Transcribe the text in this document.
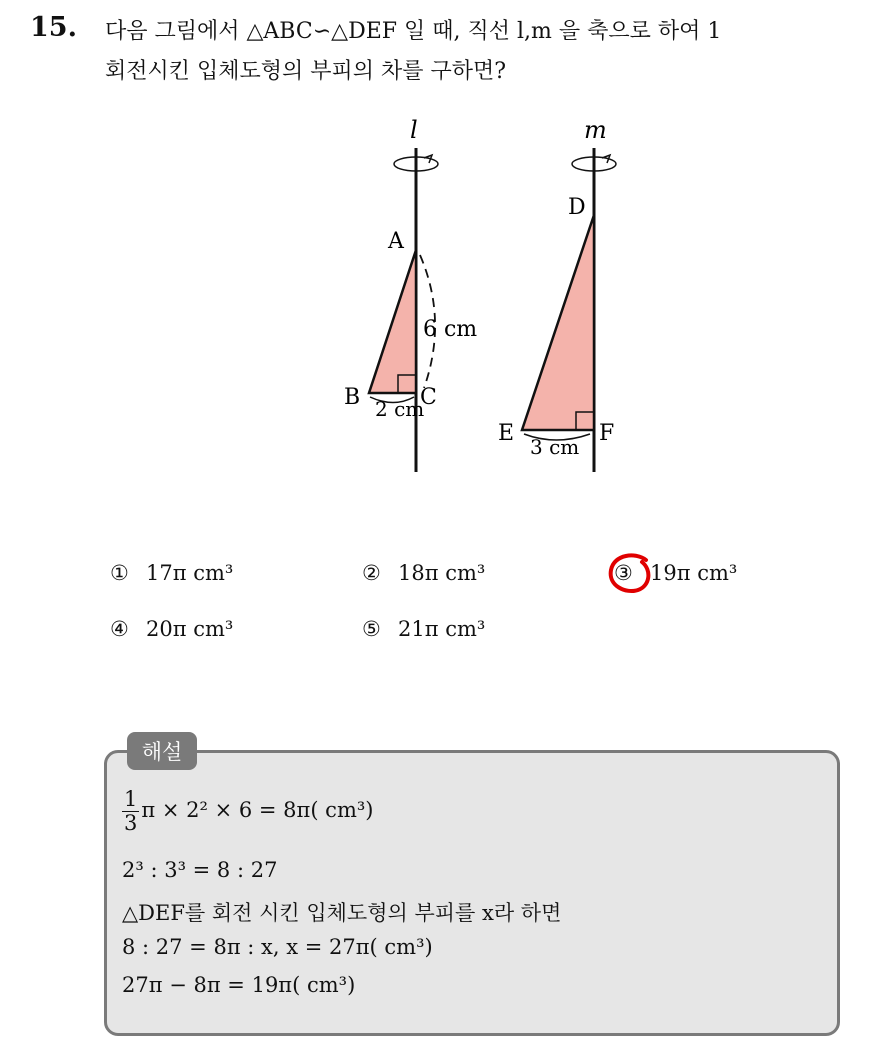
15. 다음 그림에서 △ABC∽△DEF 일 때, 직선 l,m 을 축으로 하여 1
회전시킨 입체도형의 부피의 차를 구하면?
l
A
B	C
6 cm
2 cm
m
D
E	F
3 cm
① 17π cm³	② 18π cm³	③ 19π cm³
④ 20π cm³	⑤ 21π cm³
해설
$\frac{1}{3}$ π × 2² × 6 = 8π( cm³)
2³ : 3³ = 8 : 27
△DEF를 회전 시킨 입체도형의 부피를 x라 하면
8 : 27 = 8π : x, x = 27π( cm³)
27π − 8π = 19π( cm³)
